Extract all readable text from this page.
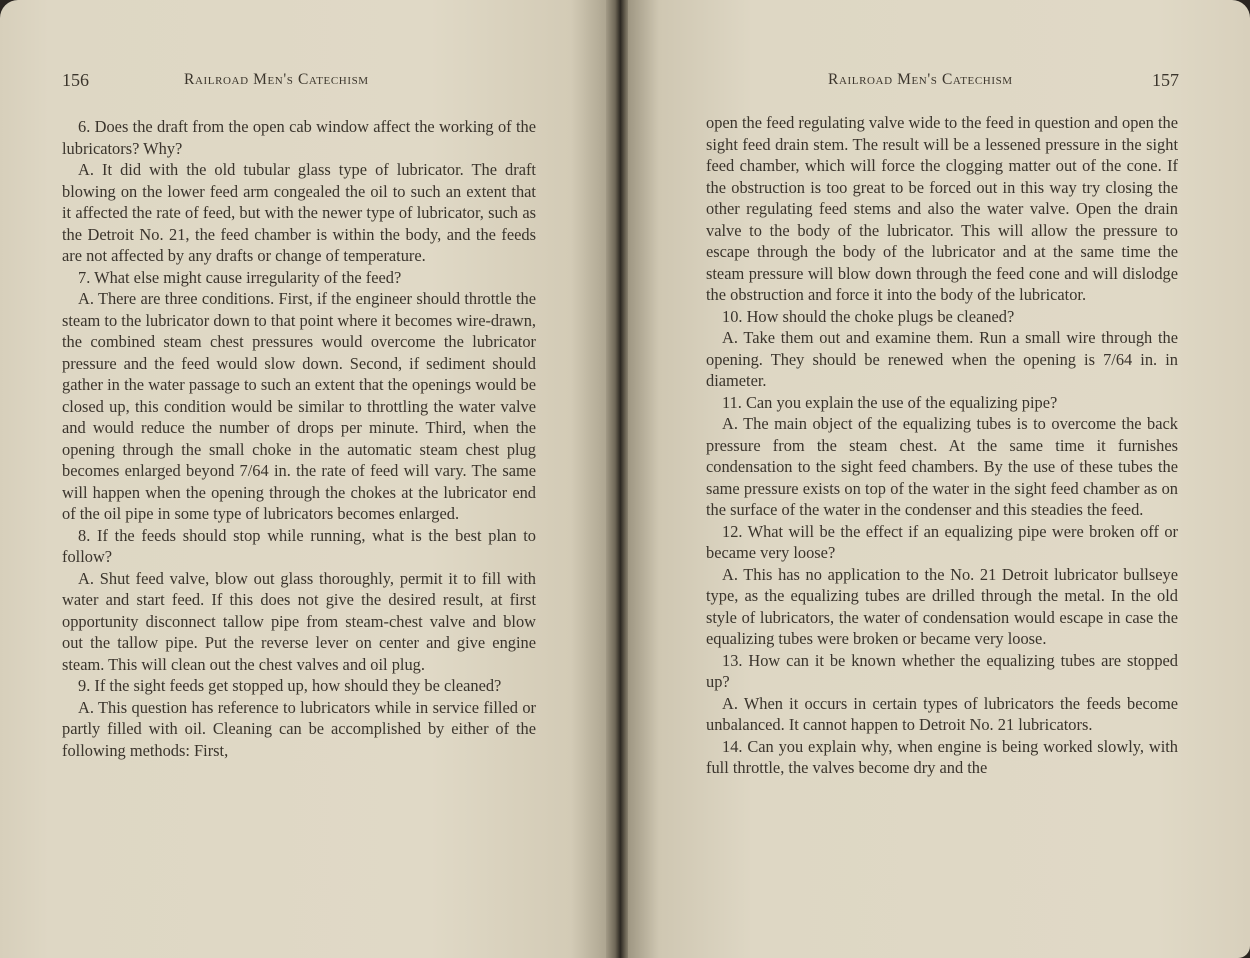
156	Railroad Men's Catechism

6. Does the draft from the open cab window affect the working of the lubricators? Why?

A. It did with the old tubular glass type of lubricator. The draft blowing on the lower feed arm congealed the oil to such an extent that it affected the rate of feed, but with the newer type of lubricator, such as the Detroit No. 21, the feed chamber is within the body, and the feeds are not affected by any drafts or change of temperature.

7. What else might cause irregularity of the feed?

A. There are three conditions. First, if the engineer should throttle the steam to the lubricator down to that point where it becomes wire-drawn, the combined steam chest pressures would overcome the lubricator pressure and the feed would slow down. Second, if sediment should gather in the water passage to such an extent that the openings would be closed up, this condition would be similar to throttling the water valve and would reduce the number of drops per minute. Third, when the opening through the small choke in the automatic steam chest plug becomes enlarged beyond 7/64 in. the rate of feed will vary. The same will happen when the opening through the chokes at the lubricator end of the oil pipe in some type of lubricators becomes enlarged.

8. If the feeds should stop while running, what is the best plan to follow?

A. Shut feed valve, blow out glass thoroughly, permit it to fill with water and start feed. If this does not give the desired result, at first opportunity disconnect tallow pipe from steam-chest valve and blow out the tallow pipe. Put the reverse lever on center and give engine steam. This will clean out the chest valves and oil plug.

9. If the sight feeds get stopped up, how should they be cleaned?

A. This question has reference to lubricators while in service filled or partly filled with oil. Cleaning can be accomplished by either of the following methods: First,

Railroad Men's Catechism	157

open the feed regulating valve wide to the feed in question and open the sight feed drain stem. The result will be a lessened pressure in the sight feed chamber, which will force the clogging matter out of the cone. If the obstruction is too great to be forced out in this way try closing the other regulating feed stems and also the water valve. Open the drain valve to the body of the lubricator. This will allow the pressure to escape through the body of the lubricator and at the same time the steam pressure will blow down through the feed cone and will dislodge the obstruction and force it into the body of the lubricator.

10. How should the choke plugs be cleaned?

A. Take them out and examine them. Run a small wire through the opening. They should be renewed when the opening is 7/64 in. in diameter.

11. Can you explain the use of the equalizing pipe?

A. The main object of the equalizing tubes is to overcome the back pressure from the steam chest. At the same time it furnishes condensation to the sight feed chambers. By the use of these tubes the same pressure exists on top of the water in the sight feed chamber as on the surface of the water in the condenser and this steadies the feed.

12. What will be the effect if an equalizing pipe were broken off or became very loose?

A. This has no application to the No. 21 Detroit lubricator bullseye type, as the equalizing tubes are drilled through the metal. In the old style of lubricators, the water of condensation would escape in case the equalizing tubes were broken or became very loose.

13. How can it be known whether the equalizing tubes are stopped up?

A. When it occurs in certain types of lubricators the feeds become unbalanced. It cannot happen to Detroit No. 21 lubricators.

14. Can you explain why, when engine is being worked slowly, with full throttle, the valves become dry and the
